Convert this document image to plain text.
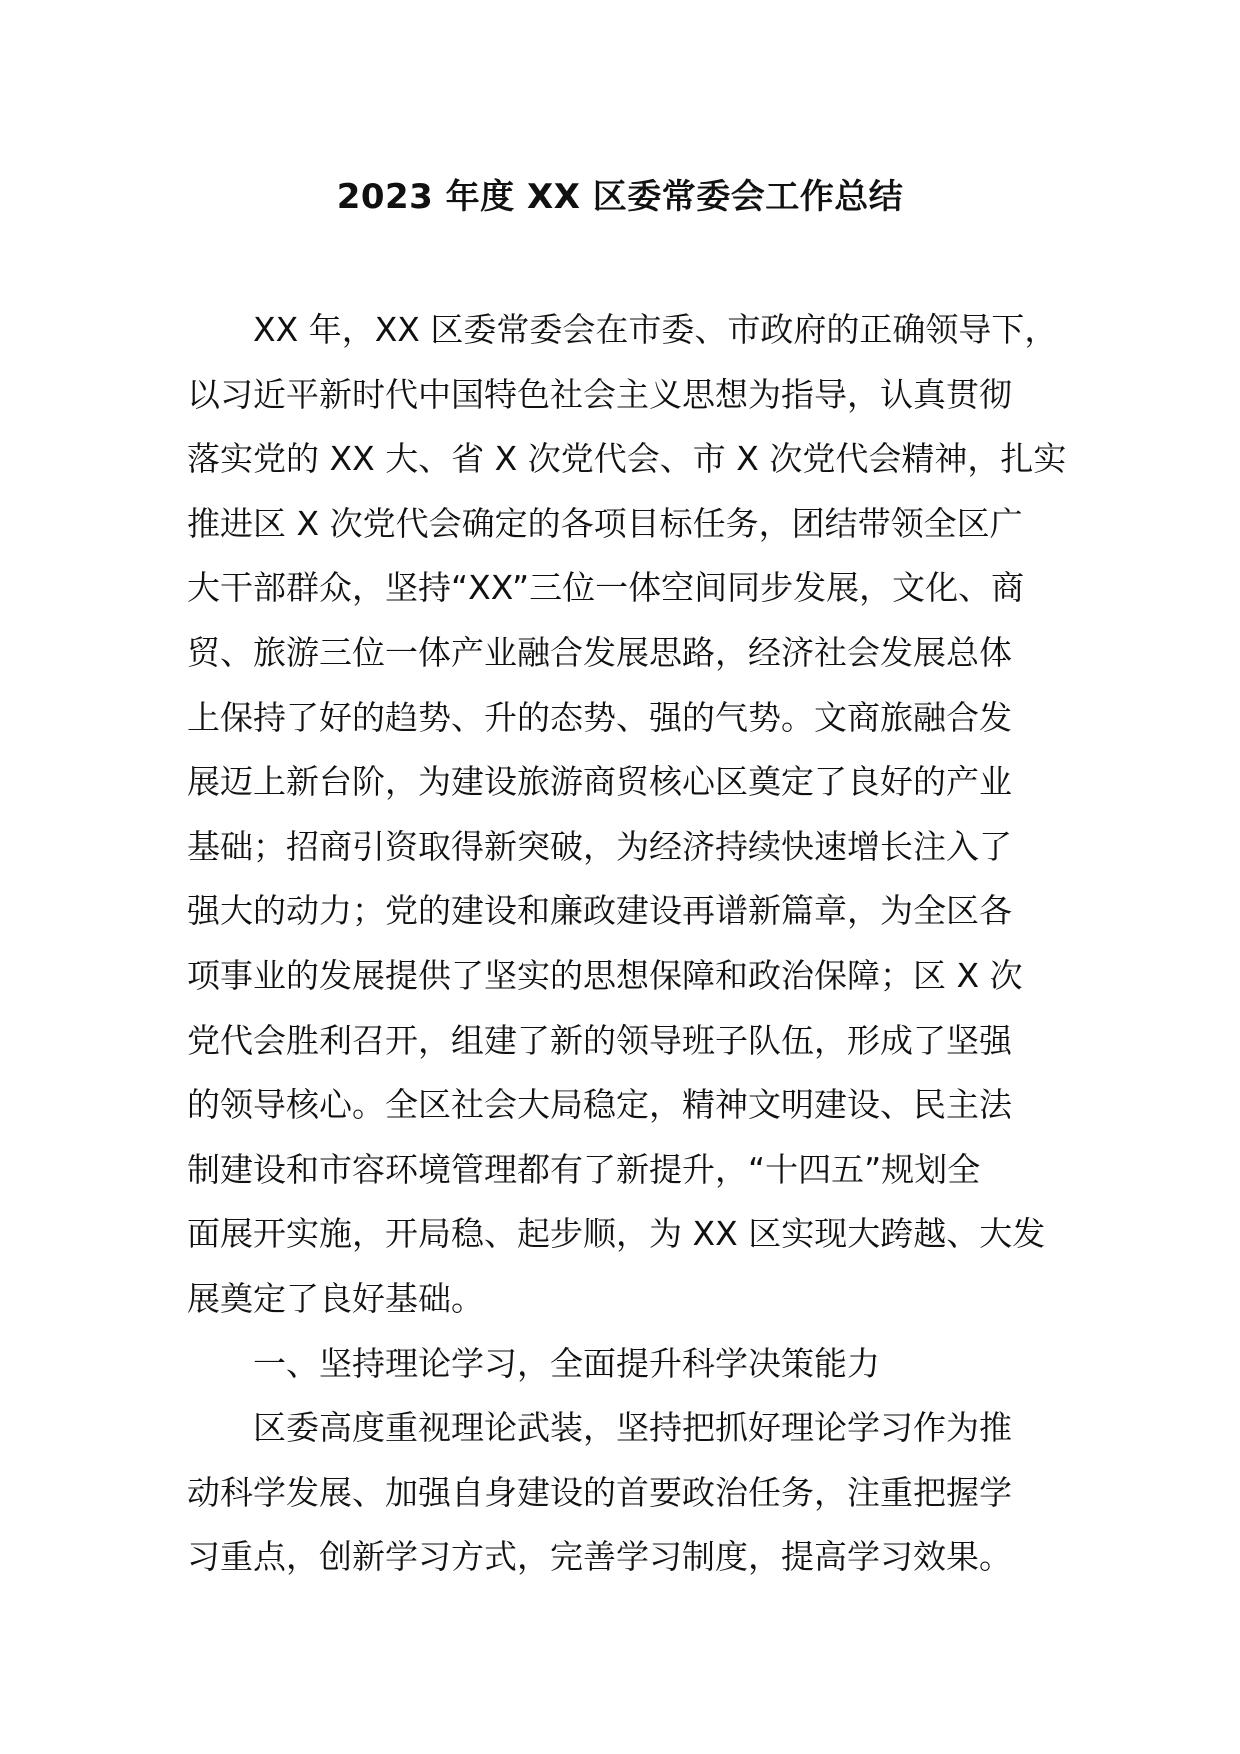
2023 年度 XX 区委常委会工作总结
XX 年，XX 区委常委会在市委、市政府的正确领导下，
以习近平新时代中国特色社会主义思想为指导，认真贯彻
落实党的 XX 大、省 X 次党代会、市 X 次党代会精神，扎实
推进区 X 次党代会确定的各项目标任务，团结带领全区广
大干部群众，坚持“XX”三位一体空间同步发展，文化、商
贸、旅游三位一体产业融合发展思路，经济社会发展总体
上保持了好的趋势、升的态势、强的气势。文商旅融合发
展迈上新台阶，为建设旅游商贸核心区奠定了良好的产业
基础；招商引资取得新突破，为经济持续快速增长注入了
强大的动力；党的建设和廉政建设再谱新篇章，为全区各
项事业的发展提供了坚实的思想保障和政治保障；区 X 次
党代会胜利召开，组建了新的领导班子队伍，形成了坚强
的领导核心。全区社会大局稳定，精神文明建设、民主法
制建设和市容环境管理都有了新提升，“十四五”规划全
面展开实施，开局稳、起步顺，为 XX 区实现大跨越、大发
展奠定了良好基础。
一、坚持理论学习，全面提升科学决策能力
区委高度重视理论武装，坚持把抓好理论学习作为推
动科学发展、加强自身建设的首要政治任务，注重把握学
习重点，创新学习方式，完善学习制度，提高学习效果。
